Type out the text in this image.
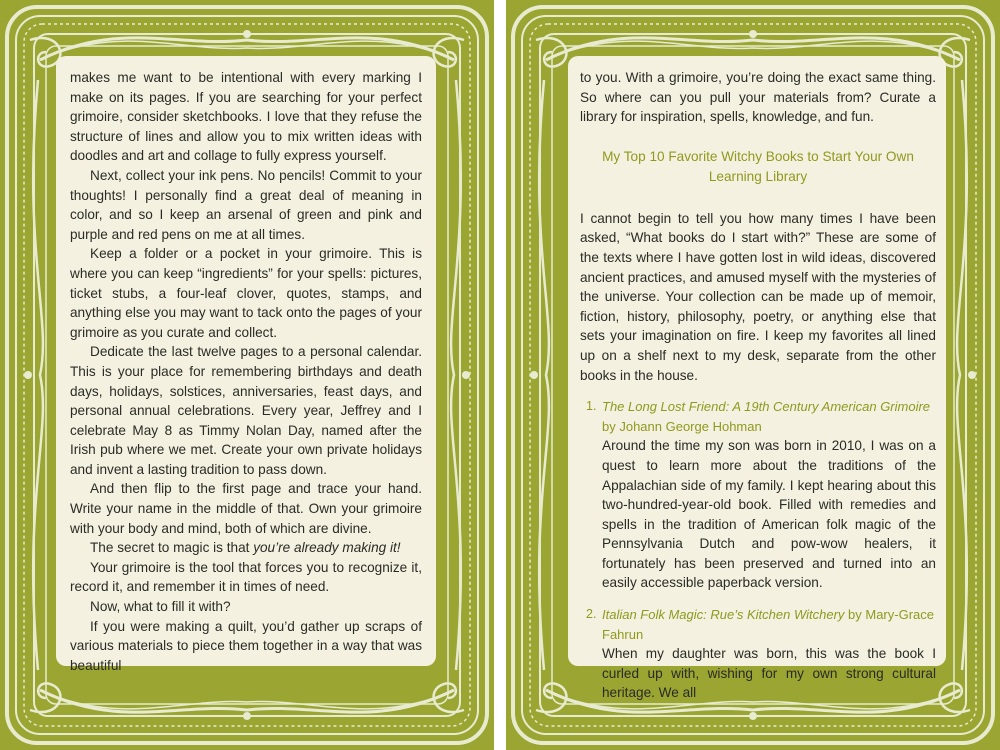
makes me want to be intentional with every marking I make on its pages. If you are searching for your perfect grimoire, consider sketchbooks. I love that they refuse the structure of lines and allow you to mix written ideas with doodles and art and collage to fully express yourself.

Next, collect your ink pens. No pencils! Commit to your thoughts! I personally find a great deal of meaning in color, and so I keep an arsenal of green and pink and purple and red pens on me at all times.

Keep a folder or a pocket in your grimoire. This is where you can keep “ingredients” for your spells: pictures, ticket stubs, a four-leaf clover, quotes, stamps, and anything else you may want to tack onto the pages of your grimoire as you curate and collect.

Dedicate the last twelve pages to a personal calendar. This is your place for remembering birthdays and death days, holidays, solstices, anniversaries, feast days, and personal annual celebrations. Every year, Jeffrey and I celebrate May 8 as Timmy Nolan Day, named after the Irish pub where we met. Create your own private holidays and invent a lasting tradition to pass down.

And then flip to the first page and trace your hand. Write your name in the middle of that. Own your grimoire with your body and mind, both of which are divine.

The secret to magic is that you’re already making it!

Your grimoire is the tool that forces you to recognize it, record it, and remember it in times of need.

Now, what to fill it with?

If you were making a quilt, you’d gather up scraps of various materials to piece them together in a way that was beautiful

to you. With a grimoire, you’re doing the exact same thing. So where can you pull your materials from? Curate a library for inspiration, spells, knowledge, and fun.

My Top 10 Favorite Witchy Books to Start Your Own Learning Library

I cannot begin to tell you how many times I have been asked, “What books do I start with?” These are some of the texts where I have gotten lost in wild ideas, discovered ancient practices, and amused myself with the mysteries of the universe. Your collection can be made up of memoir, fiction, history, philosophy, poetry, or anything else that sets your imagination on fire. I keep my favorites all lined up on a shelf next to my desk, separate from the other books in the house.

1. The Long Lost Friend: A 19th Century American Grimoire by Johann George Hohman

Around the time my son was born in 2010, I was on a quest to learn more about the traditions of the Appalachian side of my family. I kept hearing about this two-hundred-year-old book. Filled with remedies and spells in the tradition of American folk magic of the Pennsylvania Dutch and pow-wow healers, it fortunately has been preserved and turned into an easily accessible paperback version.

2. Italian Folk Magic: Rue’s Kitchen Witchery by Mary-Grace Fahrun

When my daughter was born, this was the book I curled up with, wishing for my own strong cultural heritage. We all
